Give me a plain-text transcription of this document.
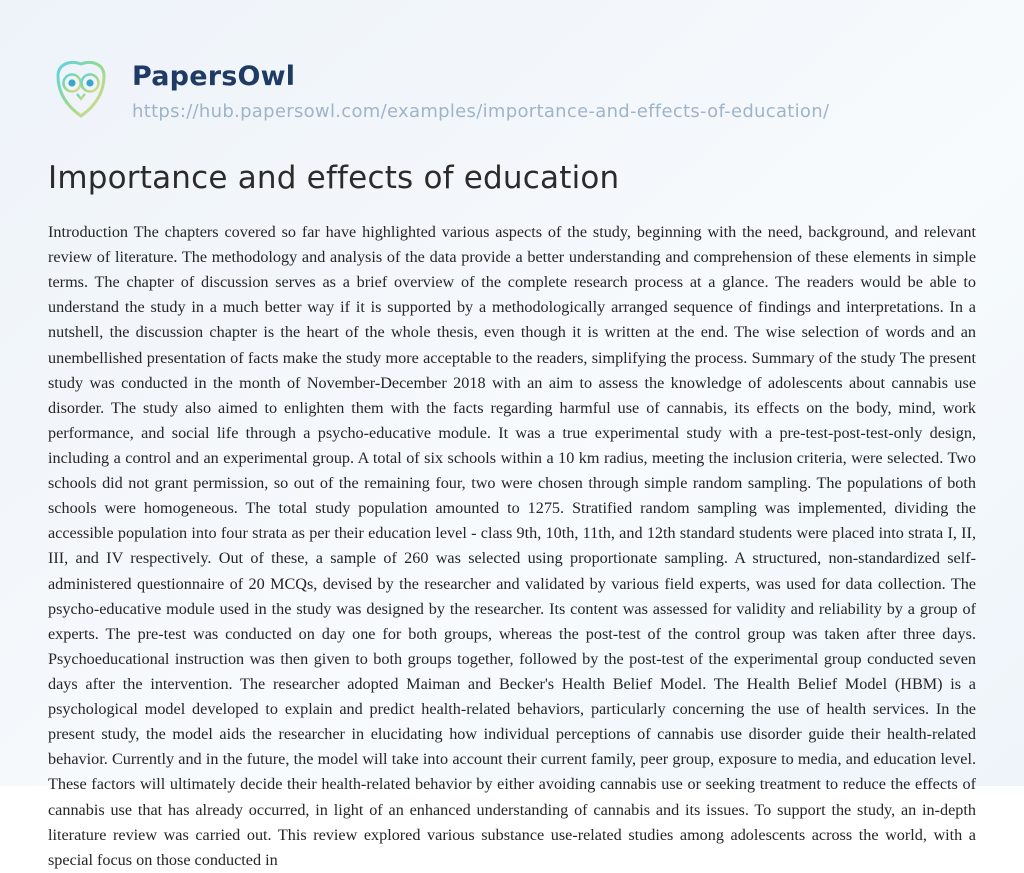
PapersOwl
https://hub.papersowl.com/examples/importance-and-effects-of-education/
Importance and effects of education
Introduction The chapters covered so far have highlighted various aspects of the study, beginning with the need, background, and relevant review of literature. The methodology and analysis of the data provide a better understanding and comprehension of these elements in simple terms. The chapter of discussion serves as a brief overview of the complete research process at a glance. The readers would be able to understand the study in a much better way if it is supported by a methodologically arranged sequence of findings and interpretations. In a nutshell, the discussion chapter is the heart of the whole thesis, even though it is written at the end. The wise selection of words and an unembellished presentation of facts make the study more acceptable to the readers, simplifying the process. Summary of the study The present study was conducted in the month of November-December 2018 with an aim to assess the knowledge of adolescents about cannabis use disorder. The study also aimed to enlighten them with the facts regarding harmful use of cannabis, its effects on the body, mind, work performance, and social life through a psycho-educative module. It was a true experimental study with a pre-test-post-test-only design, including a control and an experimental group. A total of six schools within a 10 km radius, meeting the inclusion criteria, were selected. Two schools did not grant permission, so out of the remaining four, two were chosen through simple random sampling. The populations of both schools were homogeneous. The total study population amounted to 1275. Stratified random sampling was implemented, dividing the accessible population into four strata as per their education level - class 9th, 10th, 11th, and 12th standard students were placed into strata I, II, III, and IV respectively. Out of these, a sample of 260 was selected using proportionate sampling. A structured, non-standardized self-administered questionnaire of 20 MCQs, devised by the researcher and validated by various field experts, was used for data collection. The psycho-educative module used in the study was designed by the researcher. Its content was assessed for validity and reliability by a group of experts. The pre-test was conducted on day one for both groups, whereas the post-test of the control group was taken after three days. Psychoeducational instruction was then given to both groups together, followed by the post-test of the experimental group conducted seven days after the intervention. The researcher adopted Maiman and Becker's Health Belief Model. The Health Belief Model (HBM) is a psychological model developed to explain and predict health-related behaviors, particularly concerning the use of health services. In the present study, the model aids the researcher in elucidating how individual perceptions of cannabis use disorder guide their health-related behavior. Currently and in the future, the model will take into account their current family, peer group, exposure to media, and education level. These factors will ultimately decide their health-related behavior by either avoiding cannabis use or seeking treatment to reduce the effects of cannabis use that has already occurred, in light of an enhanced understanding of cannabis and its issues. To support the study, an in-depth literature review was carried out. This review explored various substance use-related studies among adolescents across the world, with a special focus on those conducted in
